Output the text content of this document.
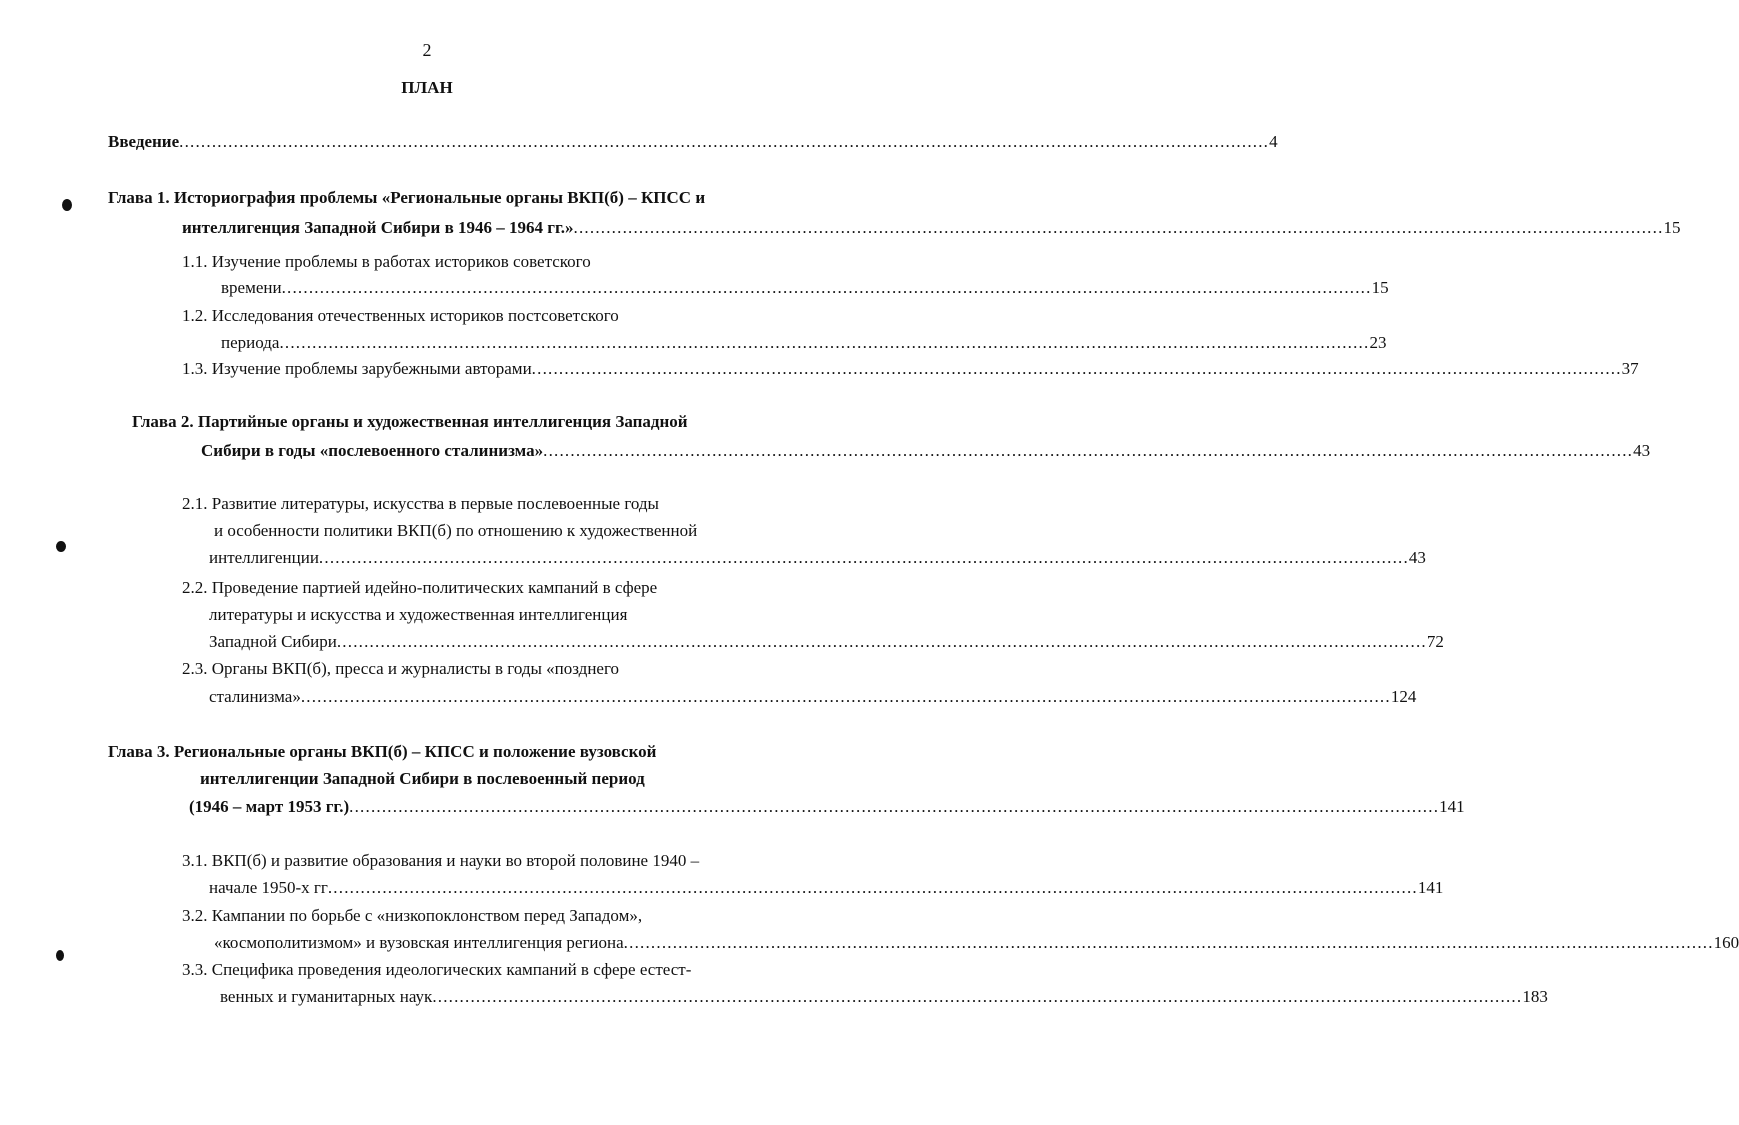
2
ПЛАН
Введение ........................................................................................................................................................................................................ 4
Глава 1. Историография проблемы «Региональные органы ВКП(б) – КПСС и
интеллигенция Западной Сибири в 1946 – 1964 гг.» ........................................................................................................................................................................................................ 15
1.1. Изучение проблемы в работах историков советского
времени ........................................................................................................................................................................................................ 15
1.2. Исследования отечественных историков постсоветского
периода ........................................................................................................................................................................................................ 23
1.3. Изучение проблемы зарубежными авторами ........................................................................................................................................................................................................ 37
Глава 2. Партийные органы и художественная интеллигенция Западной
Сибири в годы «послевоенного сталинизма» ........................................................................................................................................................................................................ 43
2.1. Развитие литературы, искусства в первые послевоенные годы
и особенности политики ВКП(б) по отношению к художественной
интеллигенции ........................................................................................................................................................................................................ 43
2.2. Проведение партией идейно-политических кампаний в сфере
литературы и искусства и художественная интеллигенция
Западной Сибири ........................................................................................................................................................................................................ 72
2.3. Органы ВКП(б), пресса и журналисты в годы «позднего
сталинизма» ........................................................................................................................................................................................................ 124
Глава 3. Региональные органы ВКП(б) – КПСС и положение вузовской
интеллигенции Западной Сибири в послевоенный период
(1946 – март 1953 гг.) ........................................................................................................................................................................................................ 141
3.1. ВКП(б) и развитие образования и науки во второй половине 1940 –
начале 1950-х гг ........................................................................................................................................................................................................ 141
3.2. Кампании по борьбе с «низкопоклонством перед Западом»,
«космополитизмом» и вузовская интеллигенция региона ........................................................................................................................................................................................................ 160
3.3. Специфика проведения идеологических кампаний в сфере естест-
венных и гуманитарных наук ........................................................................................................................................................................................................ 183
